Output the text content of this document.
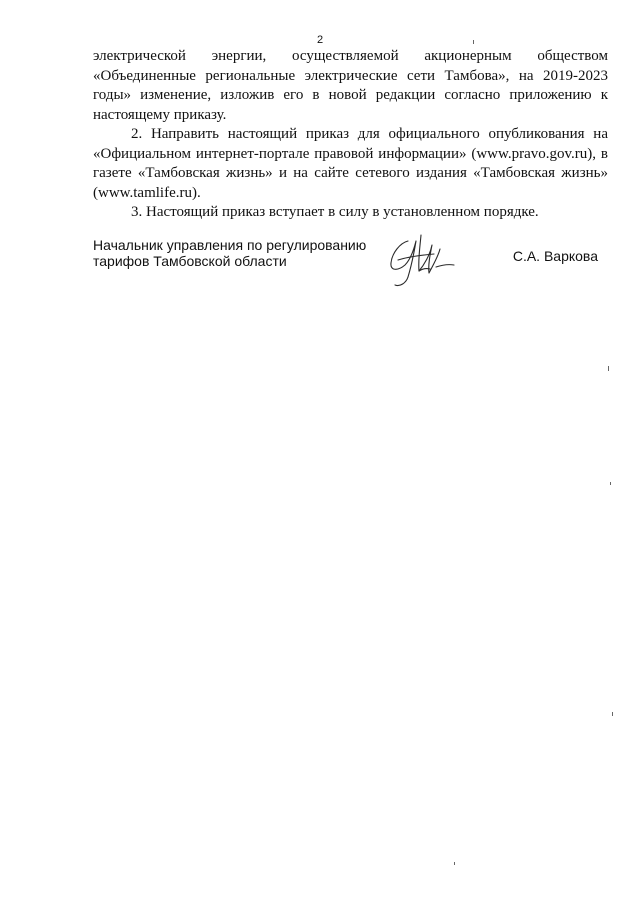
2

электрической энергии, осуществляемой акционерным обществом «Объединенные региональные электрические сети Тамбова», на 2019-2023 годы» изменение, изложив его в новой редакции согласно приложению к настоящему приказу.

2. Направить настоящий приказ для официального опубликования на «Официальном интернет-портале правовой информации» (www.pravo.gov.ru), в газете «Тамбовская жизнь» и на сайте сетевого издания «Тамбовская жизнь» (www.tamlife.ru).

3. Настоящий приказ вступает в силу в установленном порядке.

Начальник управления по регулированию
тарифов Тамбовской области	С.А. Варкова
